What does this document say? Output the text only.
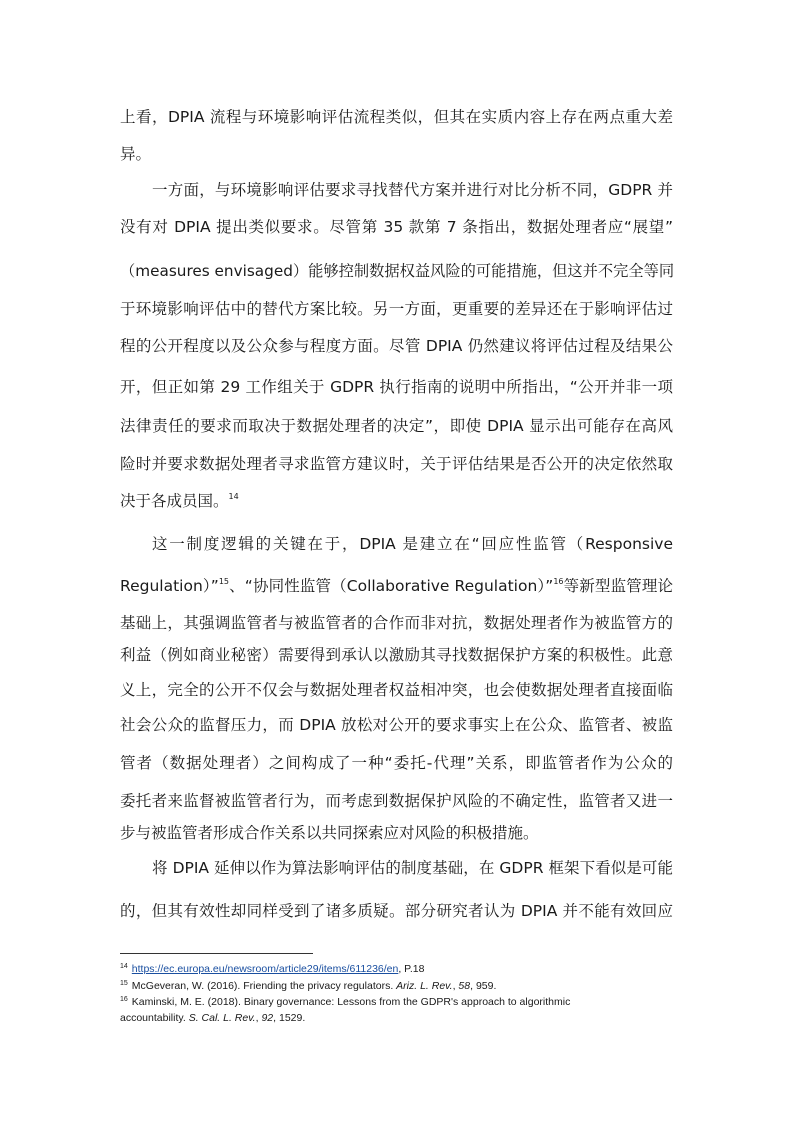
上看，DPIA 流程与环境影响评估流程类似，但其在实质内容上存在两点重大差
异。
一方面，与环境影响评估要求寻找替代方案并进行对比分析不同，GDPR 并
没有对 DPIA 提出类似要求。尽管第 35 款第 7 条指出，数据处理者应“展望”
（measures envisaged）能够控制数据权益风险的可能措施，但这并不完全等同
于环境影响评估中的替代方案比较。另一方面，更重要的差异还在于影响评估过
程的公开程度以及公众参与程度方面。尽管 DPIA 仍然建议将评估过程及结果公
开，但正如第 29 工作组关于 GDPR 执行指南的说明中所指出，“公开并非一项
法律责任的要求而取决于数据处理者的决定”，即使 DPIA 显示出可能存在高风
险时并要求数据处理者寻求监管方建议时，关于评估结果是否公开的决定依然取
决于各成员国。$^{14}$
这一制度逻辑的关键在于，DPIA 是建立在“回应性监管（Responsive
Regulation）”$^{15}$、“协同性监管（Collaborative Regulation）”$^{16}$等新型监管理论
基础上，其强调监管者与被监管者的合作而非对抗，数据处理者作为被监管方的
利益（例如商业秘密）需要得到承认以激励其寻找数据保护方案的积极性。此意
义上，完全的公开不仅会与数据处理者权益相冲突，也会使数据处理者直接面临
社会公众的监督压力，而 DPIA 放松对公开的要求事实上在公众、监管者、被监
管者（数据处理者）之间构成了一种“委托-代理”关系，即监管者作为公众的
委托者来监督被监管者行为，而考虑到数据保护风险的不确定性，监管者又进一
步与被监管者形成合作关系以共同探索应对风险的积极措施。
将 DPIA 延伸以作为算法影响评估的制度基础，在 GDPR 框架下看似是可能
的，但其有效性却同样受到了诸多质疑。部分研究者认为 DPIA 并不能有效回应
$^{14}$ https://ec.europa.eu/newsroom/article29/items/611236/en, P.18
$^{15}$ McGeveran, W. (2016). Friending the privacy regulators. Ariz. L. Rev., 58, 959.
$^{16}$ Kaminski, M. E. (2018). Binary governance: Lessons from the GDPR's approach to algorithmic
accountability. S. Cal. L. Rev., 92, 1529.
